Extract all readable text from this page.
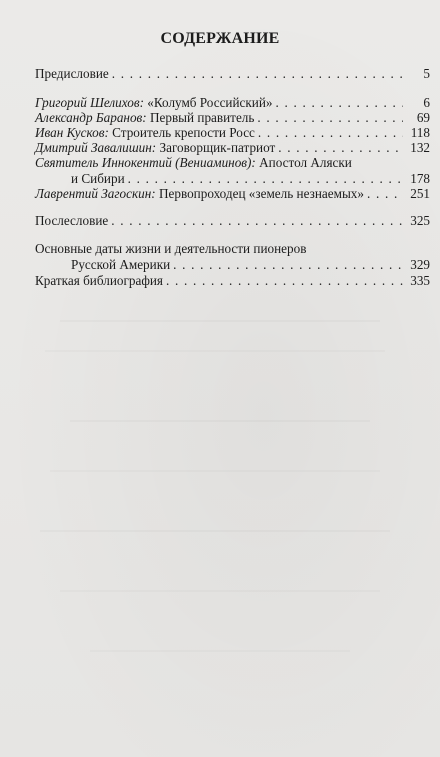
СОДЕРЖАНИЕ
Предисловие . . .	5
Григорий Шелихов: «Колумб Российский» . . .	6
Александр Баранов: Первый правитель . . .	69
Иван Кусков: Строитель крепости Росс . . .	118
Дмитрий Завалишин: Заговорщик-патриот . . .	132
Святитель Иннокентий (Вениаминов): Апостол Аляски
и Сибири . . .	178
Лаврентий Загоскин: Первопроходец «земель незнаемых» . . .	251
Послесловие . . .	325
Основные даты жизни и деятельности пионеров
Русской Америки . . .	329
Краткая библиография . . .	335
